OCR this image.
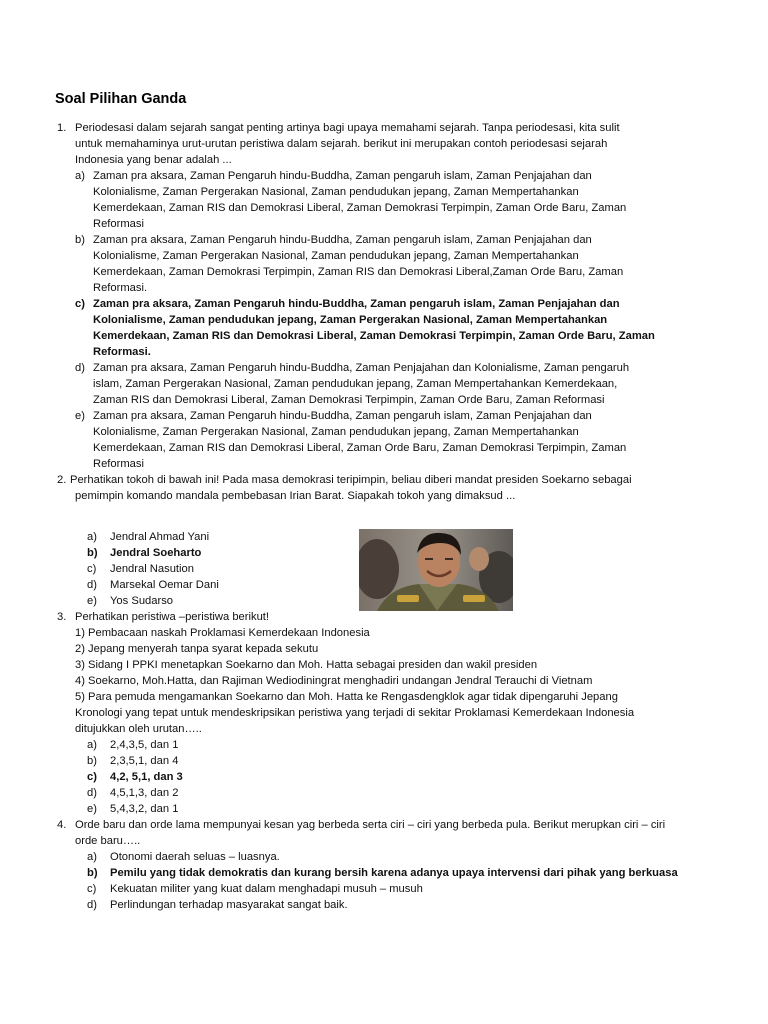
Soal Pilihan Ganda
1. Periodesasi dalam sejarah sangat penting artinya bagi upaya memahami sejarah. Tanpa periodesasi, kita sulit
untuk memahaminya urut-urutan peristiwa dalam sejarah. berikut ini merupakan contoh periodesasi sejarah
Indonesia yang benar adalah ...
a) Zaman pra aksara, Zaman Pengaruh hindu-Buddha, Zaman pengaruh islam, Zaman Penjajahan dan
Kolonialisme, Zaman Pergerakan Nasional, Zaman pendudukan jepang, Zaman Mempertahankan
Kemerdekaan, Zaman RIS dan Demokrasi Liberal, Zaman Demokrasi Terpimpin, Zaman Orde Baru, Zaman
Reformasi
b) Zaman pra aksara, Zaman Pengaruh hindu-Buddha, Zaman pengaruh islam, Zaman Penjajahan dan
Kolonialisme, Zaman Pergerakan Nasional, Zaman pendudukan jepang, Zaman Mempertahankan
Kemerdekaan, Zaman Demokrasi Terpimpin, Zaman RIS dan Demokrasi Liberal,Zaman Orde Baru, Zaman
Reformasi.
c) Zaman pra aksara, Zaman Pengaruh hindu-Buddha, Zaman pengaruh islam, Zaman Penjajahan dan
Kolonialisme, Zaman pendudukan jepang, Zaman Pergerakan Nasional, Zaman Mempertahankan
Kemerdekaan, Zaman RIS dan Demokrasi Liberal, Zaman Demokrasi Terpimpin, Zaman Orde Baru, Zaman
Reformasi.
d) Zaman pra aksara, Zaman Pengaruh hindu-Buddha, Zaman Penjajahan dan Kolonialisme, Zaman pengaruh
islam, Zaman Pergerakan Nasional, Zaman pendudukan jepang, Zaman Mempertahankan Kemerdekaan,
Zaman RIS dan Demokrasi Liberal, Zaman Demokrasi Terpimpin, Zaman Orde Baru, Zaman Reformasi
e) Zaman pra aksara, Zaman Pengaruh hindu-Buddha, Zaman pengaruh islam, Zaman Penjajahan dan
Kolonialisme, Zaman Pergerakan Nasional, Zaman pendudukan jepang, Zaman Mempertahankan
Kemerdekaan, Zaman RIS dan Demokrasi Liberal, Zaman Orde Baru, Zaman Demokrasi Terpimpin, Zaman
Reformasi
2. Perhatikan tokoh di bawah ini! Pada masa demokrasi teripimpin, beliau diberi mandat presiden Soekarno sebagai
pemimpin komando mandala pembebasan Irian Barat. Siapakah tokoh yang dimaksud ...
a) Jendral Ahmad Yani
b) Jendral Soeharto
c) Jendral Nasution
d) Marsekal Oemar Dani
e) Yos Sudarso
3. Perhatikan peristiwa –peristiwa berikut!
1) Pembacaan naskah Proklamasi Kemerdekaan Indonesia
2) Jepang menyerah tanpa syarat kepada sekutu
3) Sidang I PPKI menetapkan Soekarno dan Moh. Hatta sebagai presiden dan wakil presiden
4) Soekarno, Moh.Hatta, dan Rajiman Wediodiningrat menghadiri undangan Jendral Terauchi di Vietnam
5) Para pemuda mengamankan Soekarno dan Moh. Hatta ke Rengasdengklok agar tidak dipengaruhi Jepang
Kronologi yang tepat untuk mendeskripsikan peristiwa yang terjadi di sekitar Proklamasi Kemerdekaan Indonesia
ditujukkan oleh urutan…..
a) 2,4,3,5, dan 1
b) 2,3,5,1, dan 4
c) 4,2, 5,1, dan 3
d) 4,5,1,3, dan 2
e) 5,4,3,2, dan 1
4. Orde baru dan orde lama mempunyai kesan yag berbeda serta ciri – ciri yang berbeda pula. Berikut merupkan ciri – ciri
orde baru…..
a) Otonomi daerah seluas – luasnya.
b) Pemilu yang tidak demokratis dan kurang bersih karena adanya upaya intervensi dari pihak yang berkuasa
c) Kekuatan militer yang kuat dalam menghadapi musuh – musuh
d) Perlindungan terhadap masyarakat sangat baik.
